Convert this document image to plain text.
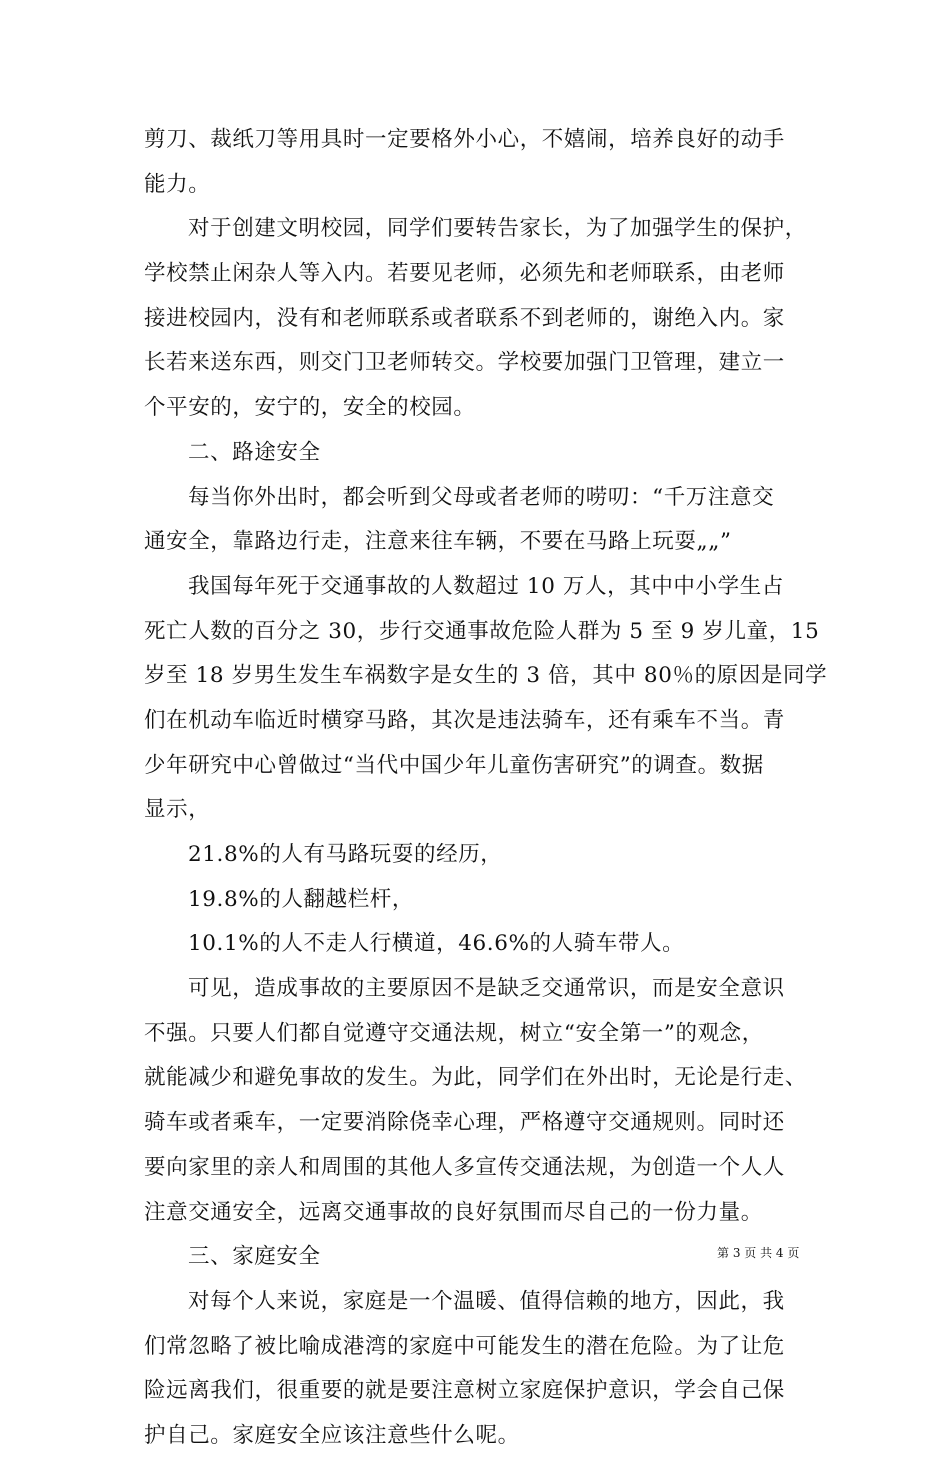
剪刀、裁纸刀等用具时一定要格外小心，不嬉闹，培养良好的动手
能力。
对于创建文明校园，同学们要转告家长，为了加强学生的保护，
学校禁止闲杂人等入内。若要见老师，必须先和老师联系，由老师
接进校园内，没有和老师联系或者联系不到老师的，谢绝入内。家
长若来送东西，则交门卫老师转交。学校要加强门卫管理，建立一
个平安的，安宁的，安全的校园。
二、路途安全
每当你外出时，都会听到父母或者老师的唠叨：“千万注意交
通安全，靠路边行走，注意来往车辆，不要在马路上玩耍„„”
我国每年死于交通事故的人数超过 10 万人，其中中小学生占
死亡人数的百分之 30，步行交通事故危险人群为 5 至 9 岁儿童，15
岁至 18 岁男生发生车祸数字是女生的 3 倍，其中 80％的原因是同学
们在机动车临近时横穿马路，其次是违法骑车，还有乘车不当。青
少年研究中心曾做过“当代中国少年儿童伤害研究”的调查。数据
显示，
21.8%的人有马路玩耍的经历，
19.8%的人翻越栏杆，
10.1%的人不走人行横道，46.6%的人骑车带人。
可见，造成事故的主要原因不是缺乏交通常识，而是安全意识
不强。只要人们都自觉遵守交通法规，树立“安全第一”的观念，
就能减少和避免事故的发生。为此，同学们在外出时，无论是行走、
骑车或者乘车，一定要消除侥幸心理，严格遵守交通规则。同时还
要向家里的亲人和周围的其他人多宣传交通法规，为创造一个人人
注意交通安全，远离交通事故的良好氛围而尽自己的一份力量。
三、家庭安全
对每个人来说，家庭是一个温暖、值得信赖的地方，因此，我
们常忽略了被比喻成港湾的家庭中可能发生的潜在危险。为了让危
险远离我们，很重要的就是要注意树立家庭保护意识，学会自己保
护自己。家庭安全应该注意些什么呢。
第 3 页 共 4 页
